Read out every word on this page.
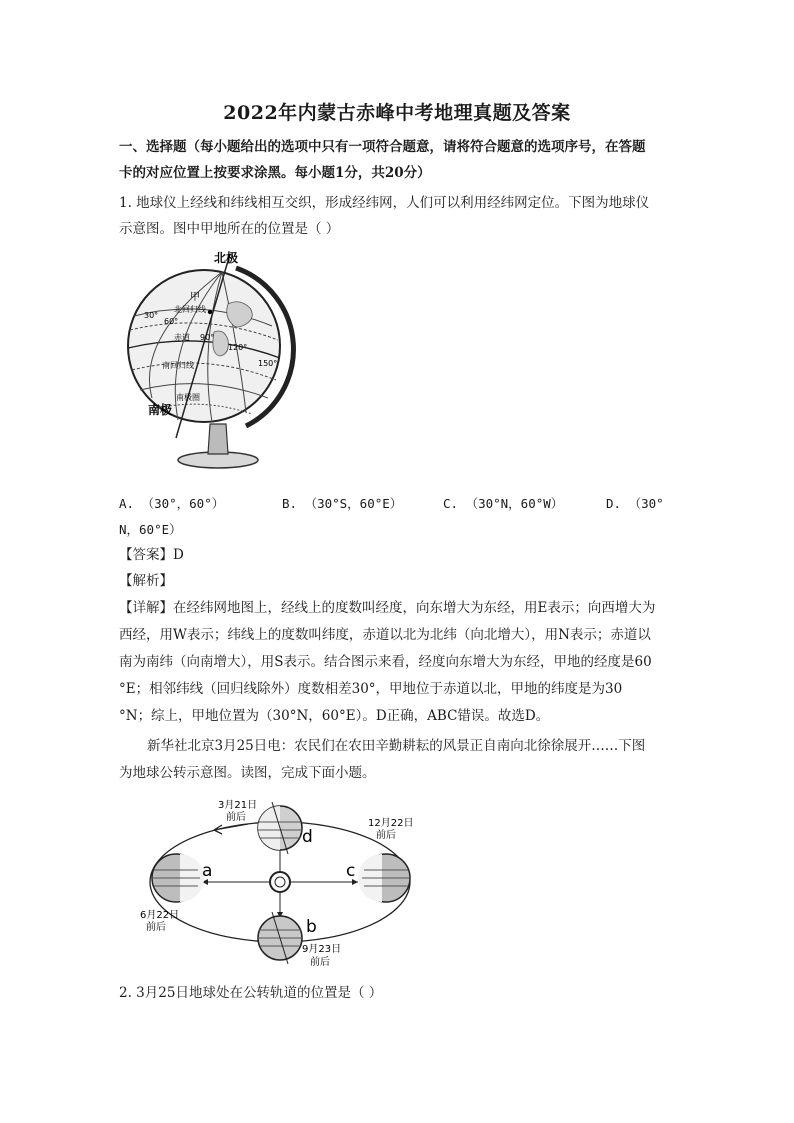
2022年内蒙古赤峰中考地理真题及答案
一、选择题（每小题给出的选项中只有一项符合题意，请将符合题意的选项序号，在答题
卡的对应位置上按要求涂黑。每小题1分，共20分）
1. 地球仪上经线和纬线相互交织，形成经纬网，人们可以利用经纬网定位。下图为地球仪
示意图。图中甲地所在的位置是（ ）
北极
甲
北回归线
30°
60°
赤道 90°
120°
150°
南回归线
南极圈
南极
A. （30°，60°）	B. （30°S，60°E）	C. （30°N，60°W）	D. （30°
N，60°E）
【答案】D
【解析】
【详解】在经纬网地图上，经线上的度数叫经度，向东增大为东经，用E表示；向西增大为
西经，用W表示；纬线上的度数叫纬度，赤道以北为北纬（向北增大），用N表示；赤道以
南为南纬（向南增大），用S表示。结合图示来看，经度向东增大为东经，甲地的经度是60
°E；相邻纬线（回归线除外）度数相差30°，甲地位于赤道以北，甲地的纬度是为30
°N；综上，甲地位置为（30°N，60°E）。D正确，ABC错误。故选D。
新华社北京3月25日电：农民们在农田辛勤耕耘的风景正自南向北徐徐展开……下图
为地球公转示意图。读图，完成下面小题。
3月21日
前后
12月22日
前后
6月22日
前后
9月23日
前后
a	c
d
b
2. 3月25日地球处在公转轨道的位置是（ ）
